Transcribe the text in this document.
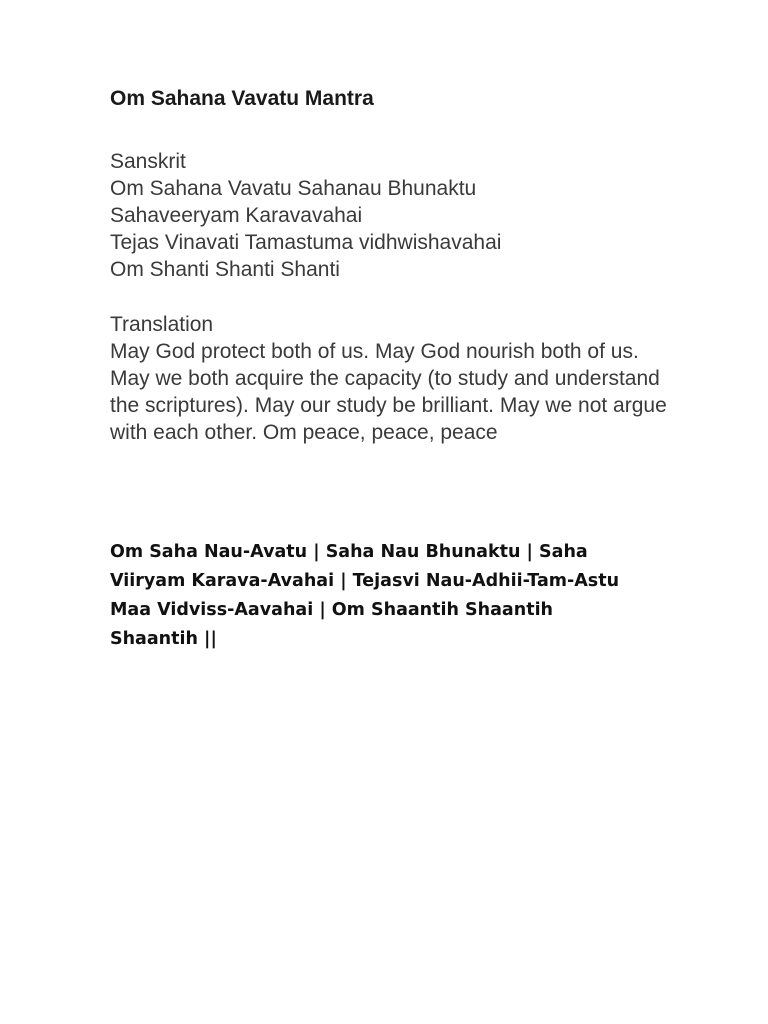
Om Sahana Vavatu Mantra
Sanskrit
Om Sahana Vavatu Sahanau Bhunaktu
Sahaveeryam Karavavahai
Tejas Vinavati Tamastuma vidhwishavahai
Om Shanti Shanti Shanti
Translation
May God protect both of us. May God nourish both of us. May we both acquire the capacity (to study and understand the scriptures). May our study be brilliant. May we not argue with each other. Om peace, peace, peace
Om Saha Nau-Avatu | Saha Nau Bhunaktu | Saha Viiryam Karava-Avahai | Tejasvi Nau-Adhii-Tam-Astu Maa Vidviss-Aavahai | Om Shaantih Shaantih Shaantih ||
